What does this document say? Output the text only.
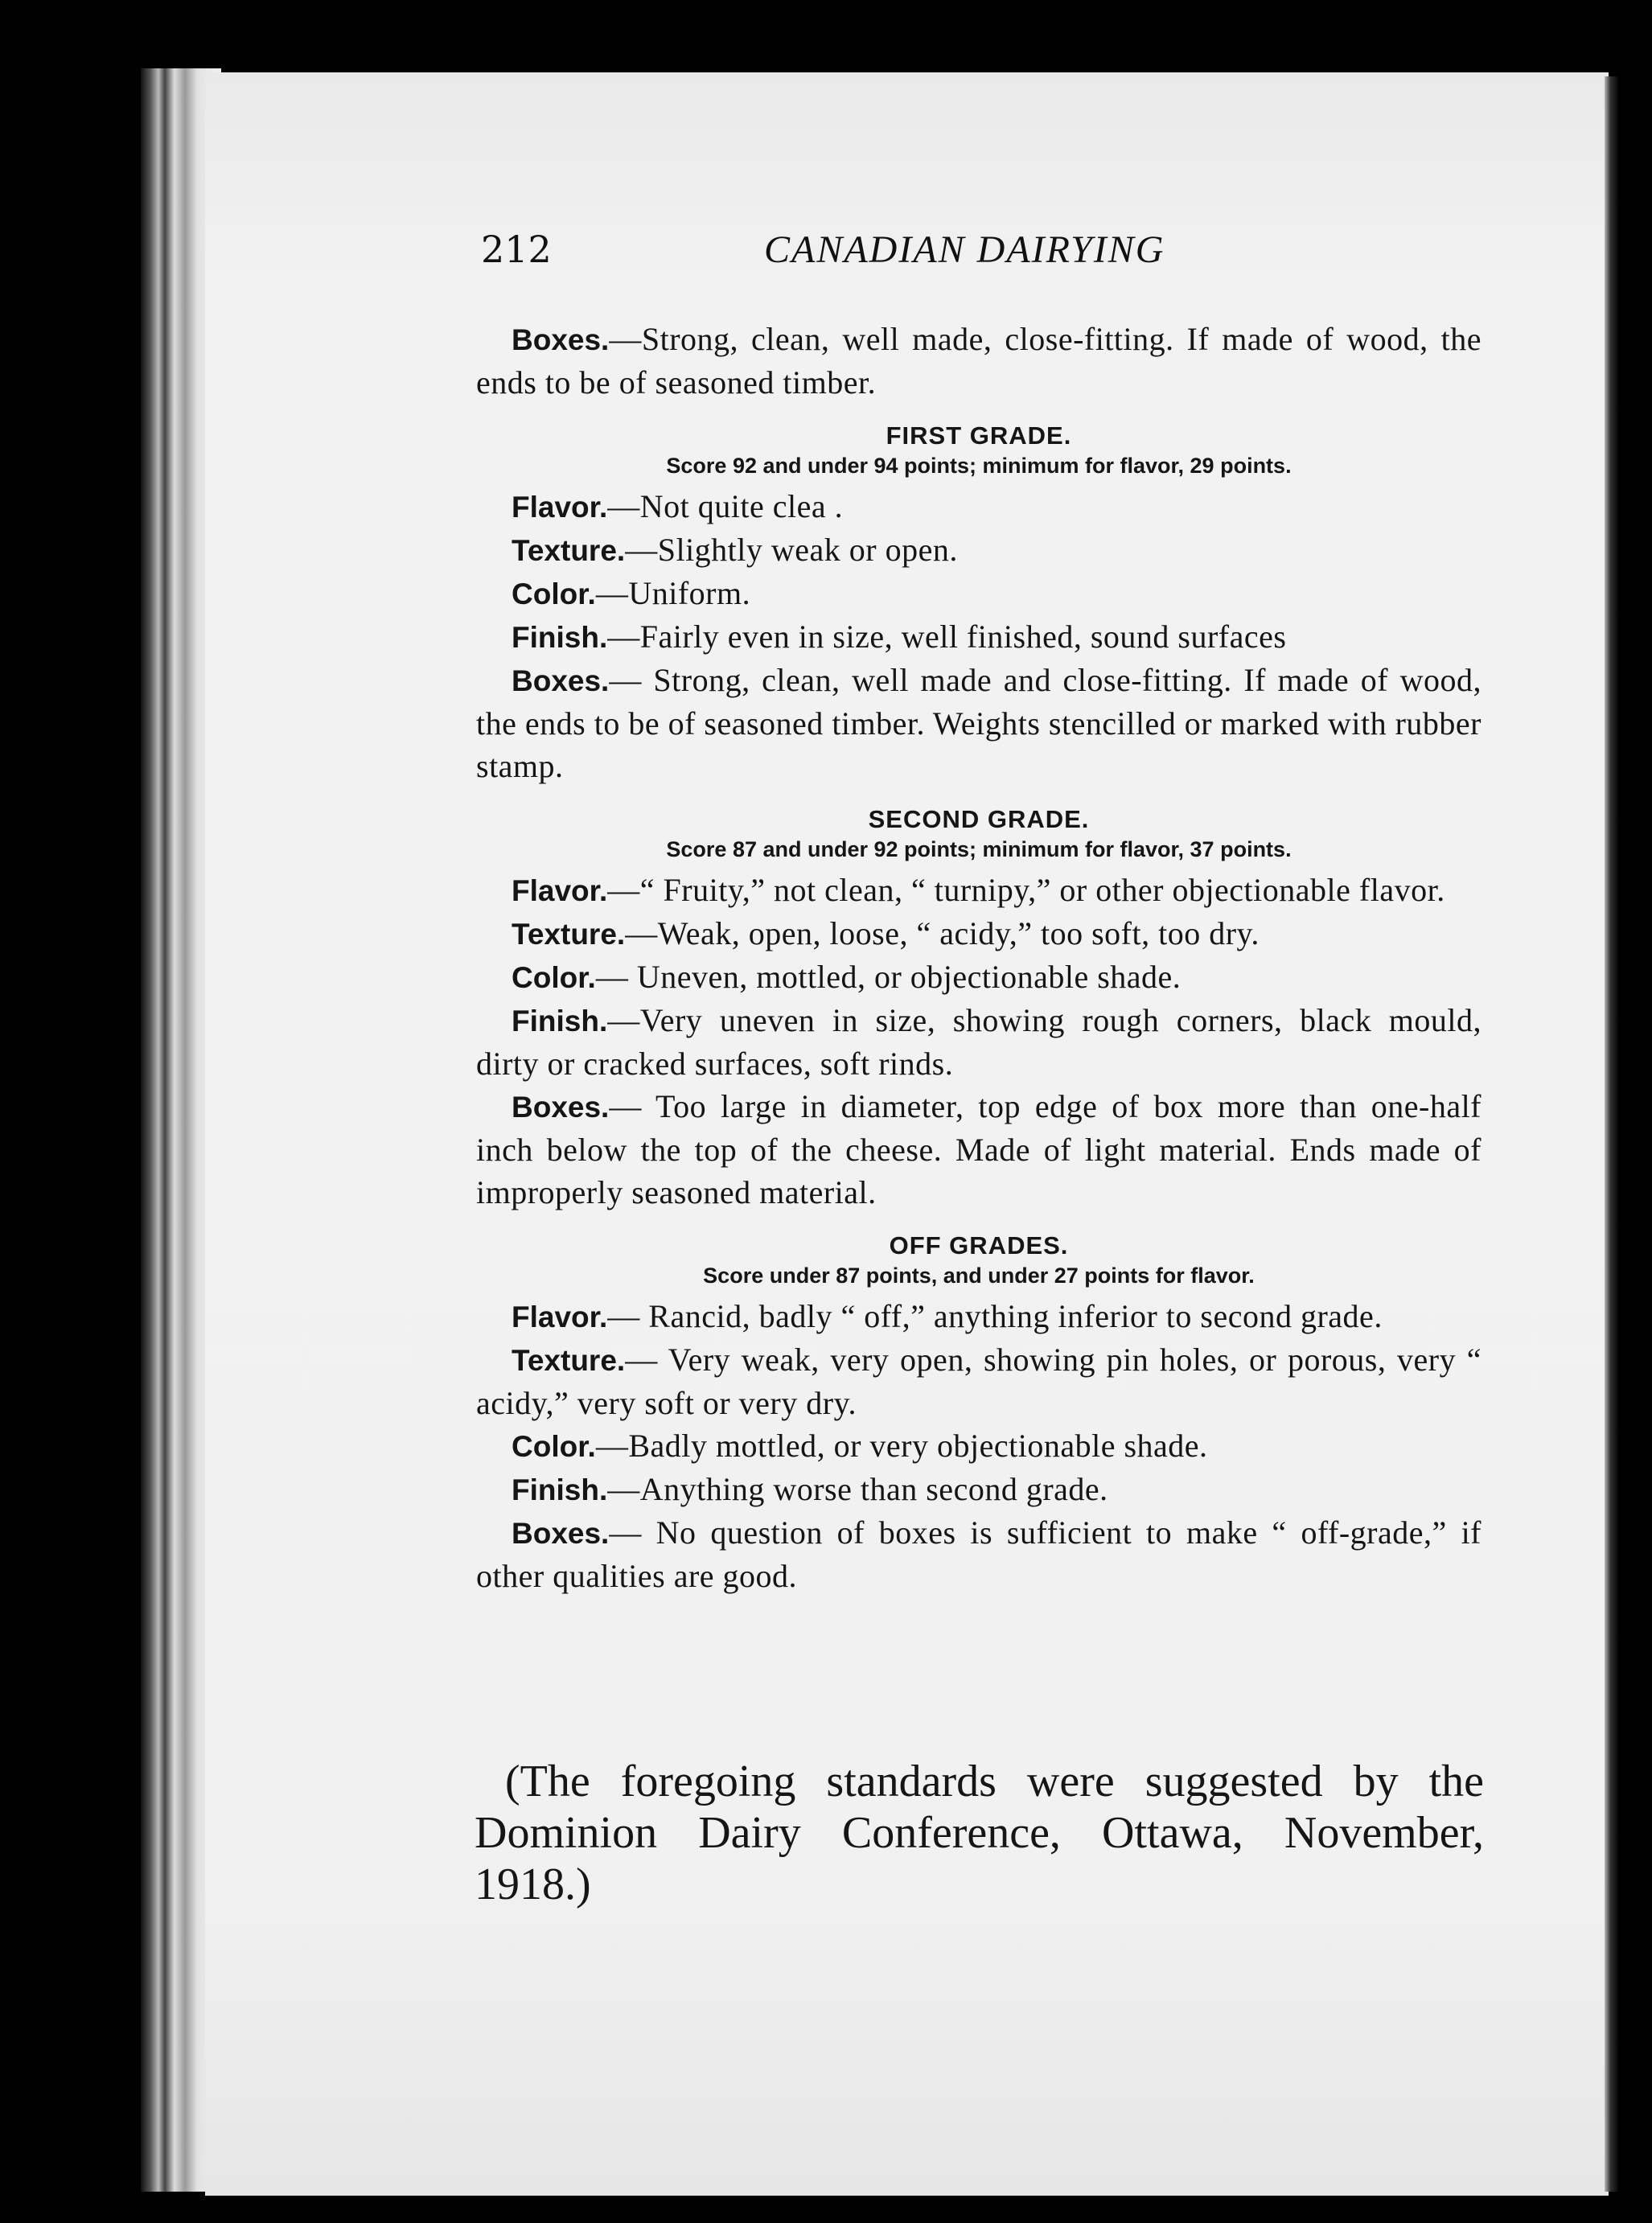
212	CANADIAN DAIRYING

Boxes.—Strong, clean, well made, close-fitting. If made of wood, the ends to be of seasoned timber.

FIRST GRADE.
Score 92 and under 94 points; minimum for flavor, 29 points.

Flavor.—Not quite clea .

Texture.—Slightly weak or open.

Color.—Uniform.

Finish.—Fairly even in size, well finished, sound surfaces

Boxes.— Strong, clean, well made and close-fitting. If made of wood, the ends to be of seasoned timber. Weights stencilled or marked with rubber stamp.

SECOND GRADE.
Score 87 and under 92 points; minimum for flavor, 37 points.

Flavor.—“ Fruity,” not clean, “ turnipy,” or other objectionable flavor.

Texture.—Weak, open, loose, “ acidy,” too soft, too dry.

Color.— Uneven, mottled, or objectionable shade.

Finish.—Very uneven in size, showing rough corners, black mould, dirty or cracked surfaces, soft rinds.

Boxes.— Too large in diameter, top edge of box more than one-half inch below the top of the cheese. Made of light material. Ends made of improperly seasoned material.

OFF GRADES.
Score under 87 points, and under 27 points for flavor.

Flavor.— Rancid, badly “ off,” anything inferior to second grade.

Texture.— Very weak, very open, showing pin holes, or porous, very “ acidy,” very soft or very dry.

Color.—Badly mottled, or very objectionable shade.

Finish.—Anything worse than second grade.

Boxes.— No question of boxes is sufficient to make “ off-grade,” if other qualities are good.

(The foregoing standards were suggested by the Dominion Dairy Conference, Ottawa, November, 1918.)
